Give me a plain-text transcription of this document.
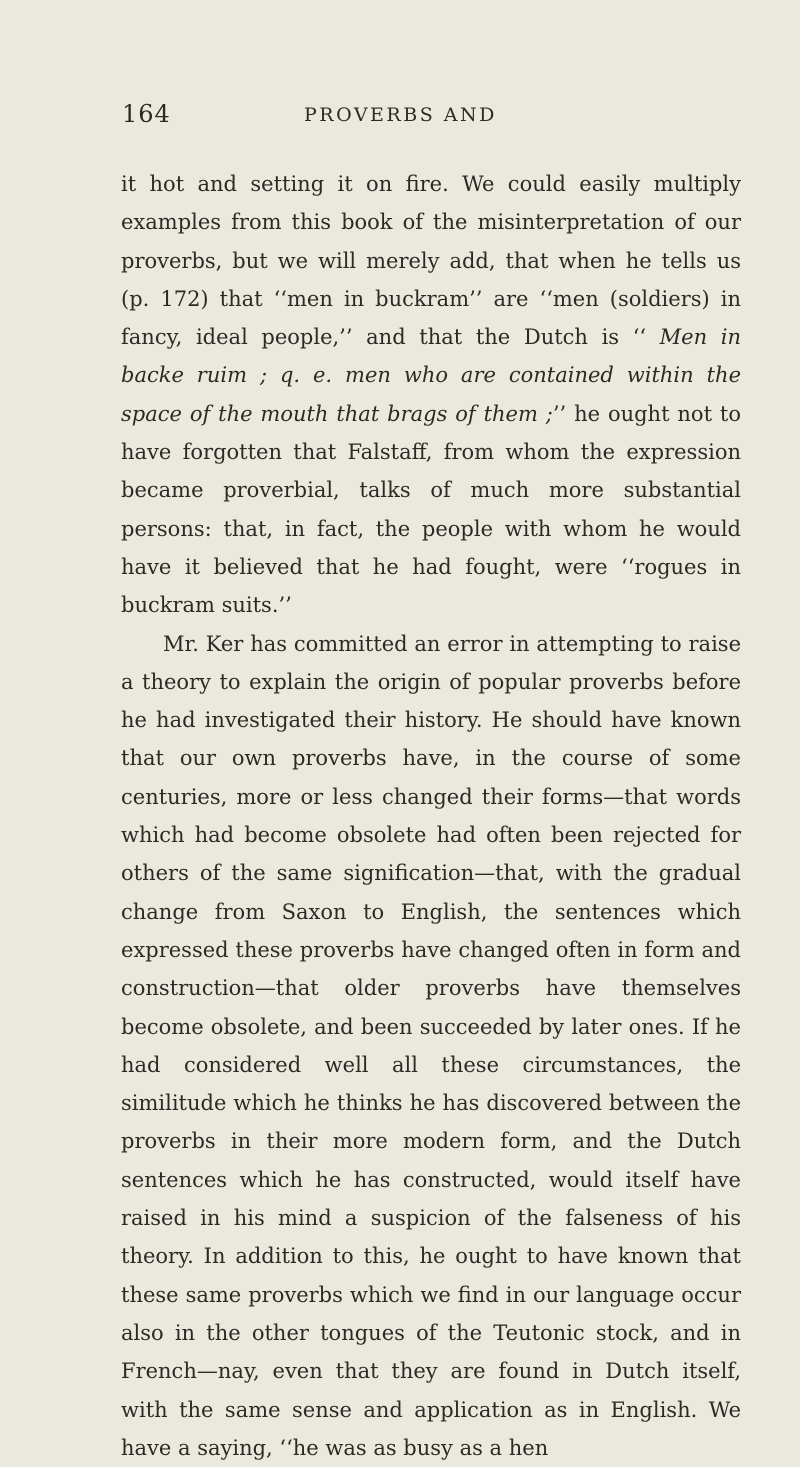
164	PROVERBS AND

it hot and setting it on fire. We could easily multiply examples from this book of the misinterpretation of our proverbs, but we will merely add, that when he tells us (p. 172) that ‘‘men in buckram’’ are ‘‘men (soldiers) in fancy, ideal people,’’ and that the Dutch is ‘‘ Men in backe ruim ; q. e. men who are contained within the space of the mouth that brags of them ;’’ he ought not to have forgotten that Falstaff, from whom the expression became proverbial, talks of much more substantial persons: that, in fact, the people with whom he would have it believed that he had fought, were ‘‘rogues in buckram suits.’’

Mr. Ker has committed an error in attempting to raise a theory to explain the origin of popular proverbs before he had investigated their history. He should have known that our own proverbs have, in the course of some centuries, more or less changed their forms—that words which had become obsolete had often been rejected for others of the same signification—that, with the gradual change from Saxon to English, the sentences which expressed these proverbs have changed often in form and construction—that older proverbs have themselves become obsolete, and been succeeded by later ones. If he had considered well all these circumstances, the similitude which he thinks he has discovered between the proverbs in their more modern form, and the Dutch sentences which he has constructed, would itself have raised in his mind a suspicion of the falseness of his theory. In addition to this, he ought to have known that these same proverbs which we find in our language occur also in the other tongues of the Teutonic stock, and in French—nay, even that they are found in Dutch itself, with the same sense and application as in English. We have a saying, ‘‘he was as busy as a hen
